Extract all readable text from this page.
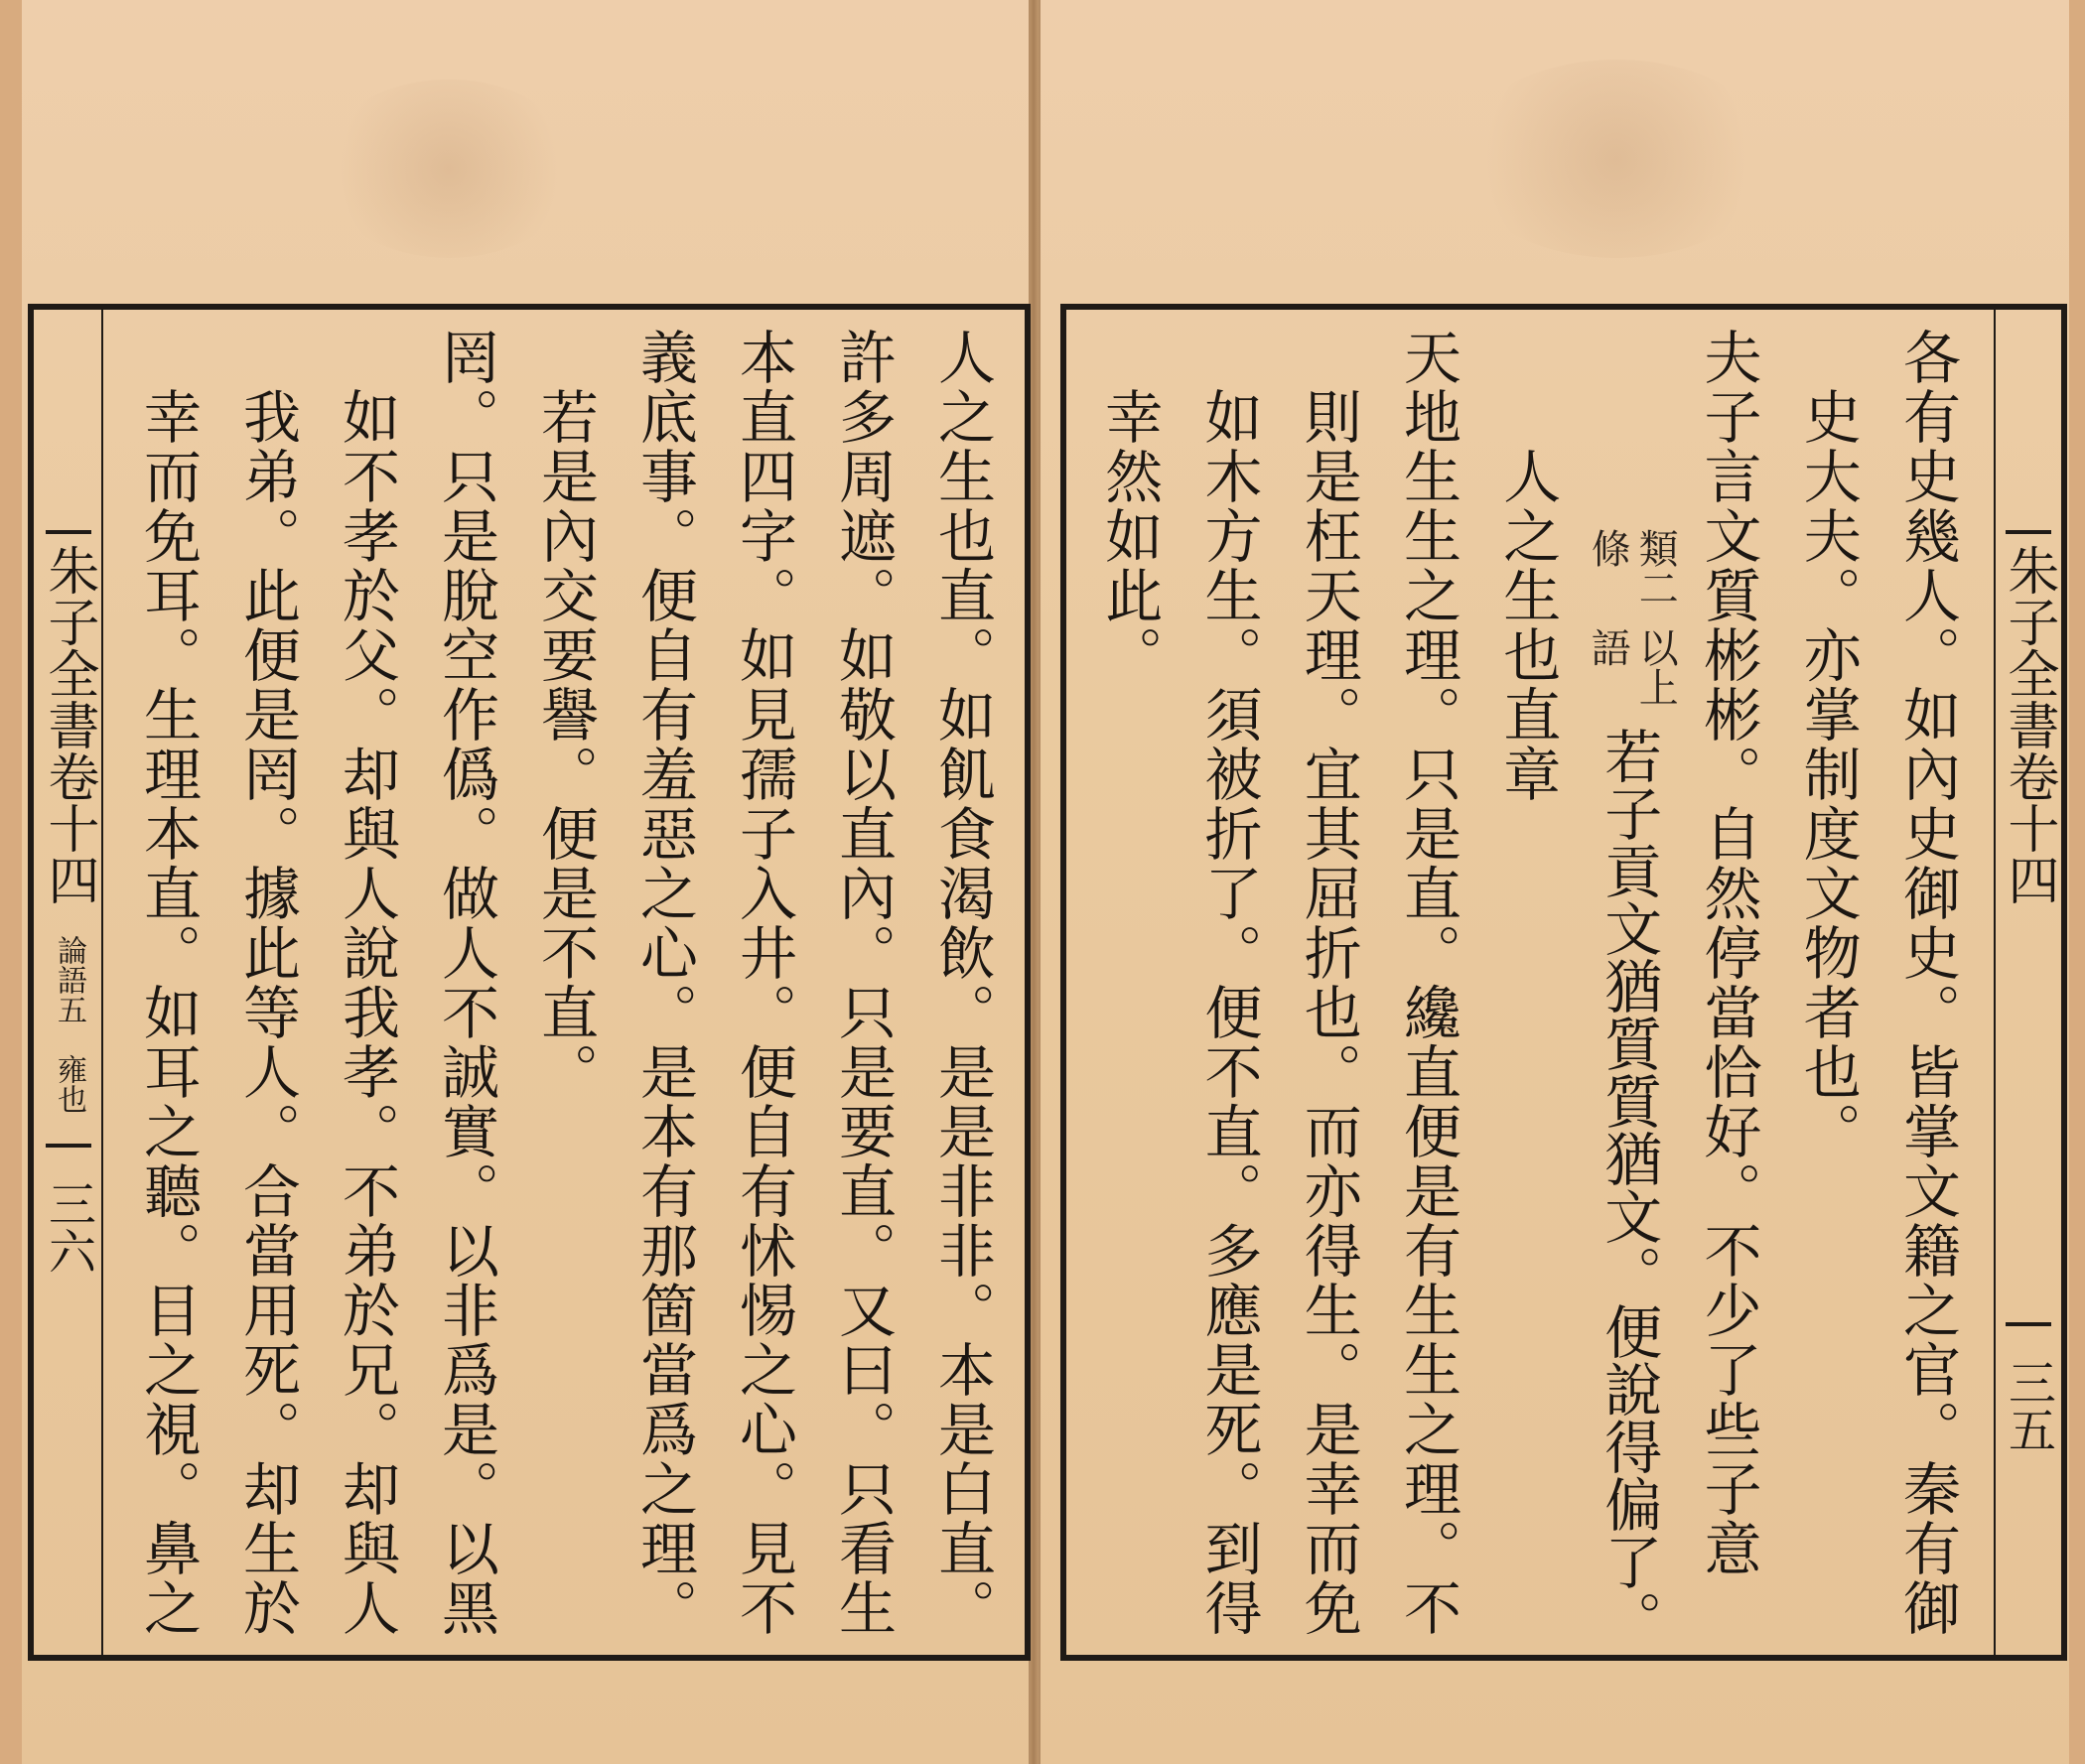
朱子全書卷十四
論語五　雍也
三六
人之生也直。如飢食渴飲。是是非非。本是白直。
許多周遮。如敬以直內。只是要直。又曰。只看生
本直四字。如見孺子入井。便自有怵惕之心。見不
義底事。便自有羞惡之心。是本有那箇當爲之理。
若是內交要譽。便是不直。
罔。只是脫空作僞。做人不誠實。以非爲是。以黑
如不孝於父。却與人說我孝。不弟於兄。却與人
我弟。此便是罔。據此等人。合當用死。却生於
幸而免耳。生理本直。如耳之聽。目之視。鼻之
朱子全書卷十四
三五
各有史幾人。如內史御史。皆掌文籍之官。秦有御
史大夫。亦掌制度文物者也。
夫子言文質彬彬。自然停當恰好。不少了些子意
若子貢文猶質質猶文。便說得偏了。
以上語
類二條
人之生也直章
天地生生之理。只是直。纔直便是有生生之理。不
則是枉天理。宜其屈折也。而亦得生。是幸而免
如木方生。須被折了。便不直。多應是死。到得
幸然如此。
